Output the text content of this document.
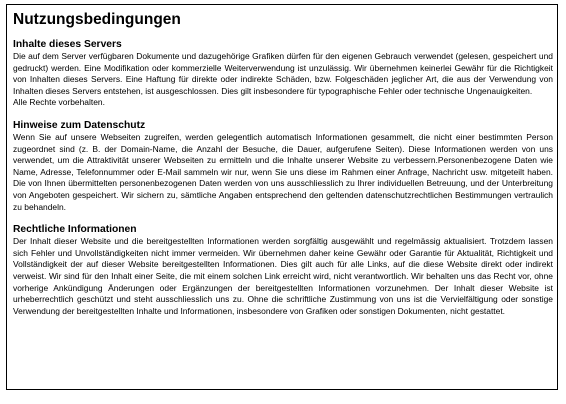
Nutzungsbedingungen
Inhalte dieses Servers

Die auf dem Server verfügbaren Dokumente und dazugehörige Grafiken dürfen für den eigenen Gebrauch verwendet (gelesen, gespeichert und gedruckt) werden. Eine Modifikation oder kommerzielle Weiterverwendung ist unzulässig. Wir übernehmen keinerlei Gewähr für die Richtigkeit von Inhalten dieses Servers. Eine Haftung für direkte oder indirekte Schäden, bzw. Folgeschäden jeglicher Art, die aus der Verwendung von Inhalten dieses Servers entstehen, ist ausgeschlossen. Dies gilt insbesondere für typographische Fehler oder technische Ungenauigkeiten.

Alle Rechte vorbehalten.

Hinweise zum Datenschutz

Wenn Sie auf unsere Webseiten zugreifen, werden gelegentlich automatisch Informationen gesammelt, die nicht einer bestimmten Person zugeordnet sind (z. B. der Domain-Name, die Anzahl der Besuche, die Dauer, aufgerufene Seiten). Diese Informationen werden von uns verwendet, um die Attraktivität unserer Webseiten zu ermitteln und die Inhalte unserer Website zu verbessern.Personenbezogene Daten wie Name, Adresse, Telefonnummer oder E-Mail sammeln wir nur, wenn Sie uns diese im Rahmen einer Anfrage, Nachricht usw. mitgeteilt haben. Die von Ihnen übermittelten personenbezogenen Daten werden von uns ausschliesslich zu Ihrer individuellen Betreuung, und der Unterbreitung von Angeboten gespeichert. Wir sichern zu, sämtliche Angaben entsprechend den geltenden datenschutzrechtlichen Bestimmungen vertraulich zu behandeln.

Rechtliche Informationen

Der Inhalt dieser Website und die bereitgestellten Informationen werden sorgfältig ausgewählt und regelmässig aktualisiert. Trotzdem lassen sich Fehler und Unvollständigkeiten nicht immer vermeiden. Wir übernehmen daher keine Gewähr oder Garantie für Aktualität, Richtigkeit und Vollständigkeit der auf dieser Website bereitgestellten Informationen. Dies gilt auch für alle Links, auf die diese Website direkt oder indirekt verweist. Wir sind für den Inhalt einer Seite, die mit einem solchen Link erreicht wird, nicht verantwortlich. Wir behalten uns das Recht vor, ohne vorherige Ankündigung Änderungen oder Ergänzungen der bereitgestellten Informationen vorzunehmen. Der Inhalt dieser Website ist urheberrechtlich geschützt und steht ausschliesslich uns zu. Ohne die schriftliche Zustimmung von uns ist die Vervielfältigung oder sonstige Verwendung der bereitgestellten Inhalte und Informationen, insbesondere von Grafiken oder sonstigen Dokumenten, nicht gestattet.
